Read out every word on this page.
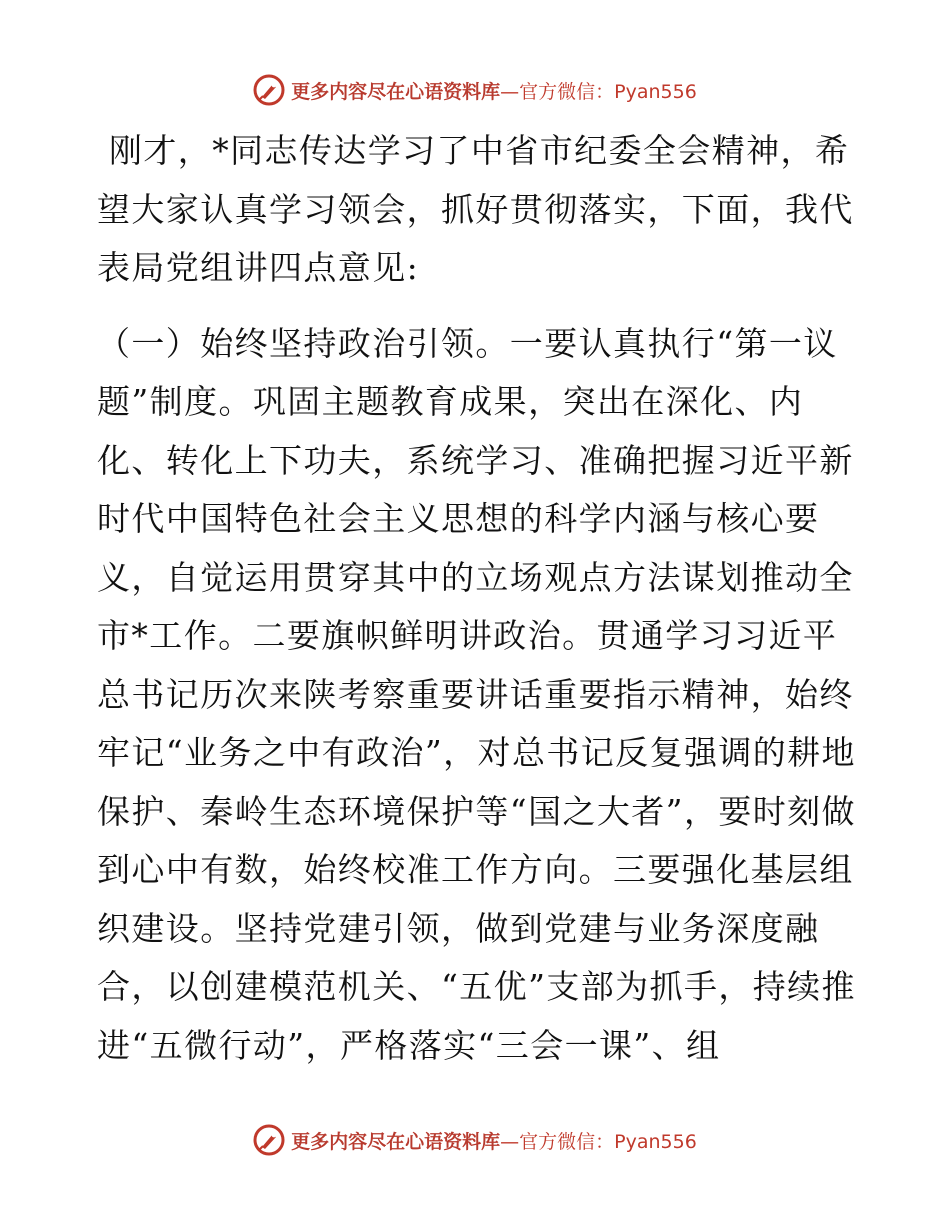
更多内容尽在心语资料库—官方微信：Pyan556

刚才，*同志传达学习了中省市纪委全会精神，希望大家认真学习领会，抓好贯彻落实，下面，我代表局党组讲四点意见:

（一）始终坚持政治引领。一要认真执行“第一议题”制度。巩固主题教育成果，突出在深化、内化、转化上下功夫，系统学习、准确把握习近平新时代中国特色社会主义思想的科学内涵与核心要义，自觉运用贯穿其中的立场观点方法谋划推动全市*工作。二要旗帜鲜明讲政治。贯通学习习近平总书记历次来陕考察重要讲话重要指示精神，始终牢记“业务之中有政治”，对总书记反复强调的耕地保护、秦岭生态环境保护等“国之大者”，要时刻做到心中有数，始终校准工作方向。三要强化基层组织建设。坚持党建引领，做到党建与业务深度融合，以创建模范机关、“五优”支部为抓手，持续推进“五微行动”，严格落实“三会一课”、组

更多内容尽在心语资料库—官方微信：Pyan556
